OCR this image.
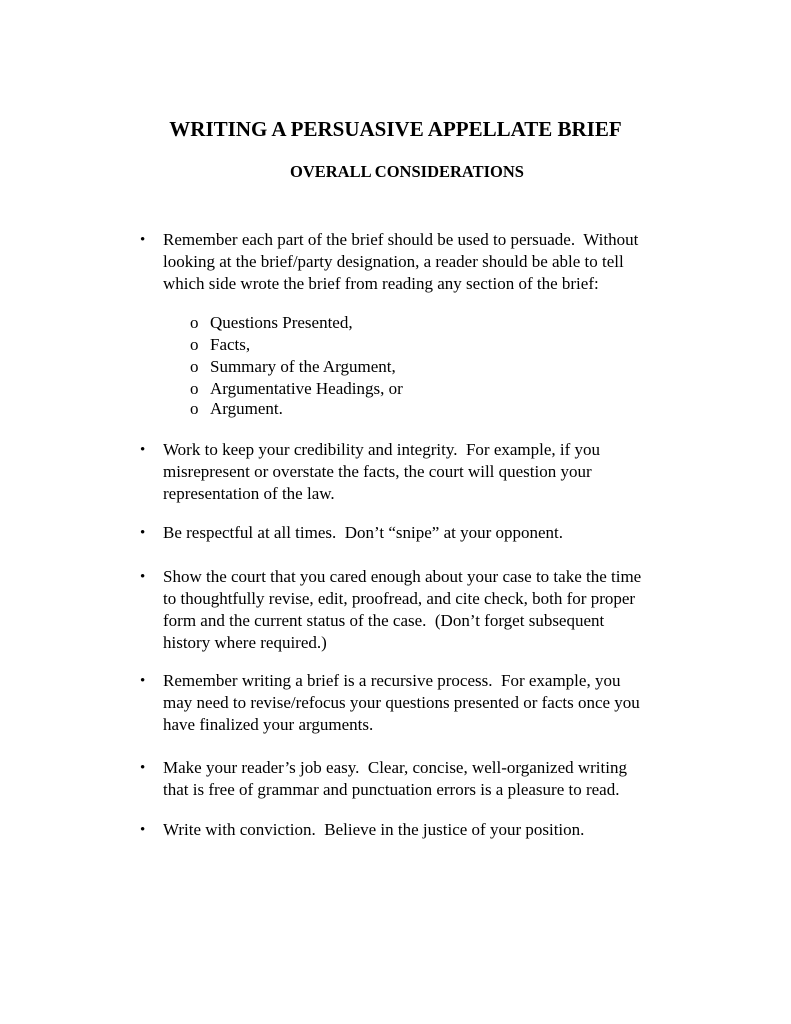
WRITING A PERSUASIVE APPELLATE BRIEF
OVERALL CONSIDERATIONS
• Remember each part of the brief should be used to persuade.  Without
looking at the brief/party designation, a reader should be able to tell
which side wrote the brief from reading any section of the brief:
• Work to keep your credibility and integrity.  For example, if you
misrepresent or overstate the facts, the court will question your
representation of the law.
• Be respectful at all times.  Don’t “snipe” at your opponent.
• Show the court that you cared enough about your case to take the time
to thoughtfully revise, edit, proofread, and cite check, both for proper
form and the current status of the case.  (Don’t forget subsequent
history where required.)
• Remember writing a brief is a recursive process.  For example, you
may need to revise/refocus your questions presented or facts once you
have finalized your arguments.
• Make your reader’s job easy.  Clear, concise, well-organized writing
that is free of grammar and punctuation errors is a pleasure to read.
• Write with conviction.  Believe in the justice of your position.
o Questions Presented,
o Facts,
o Summary of the Argument,
o Argumentative Headings, or
o Argument.
